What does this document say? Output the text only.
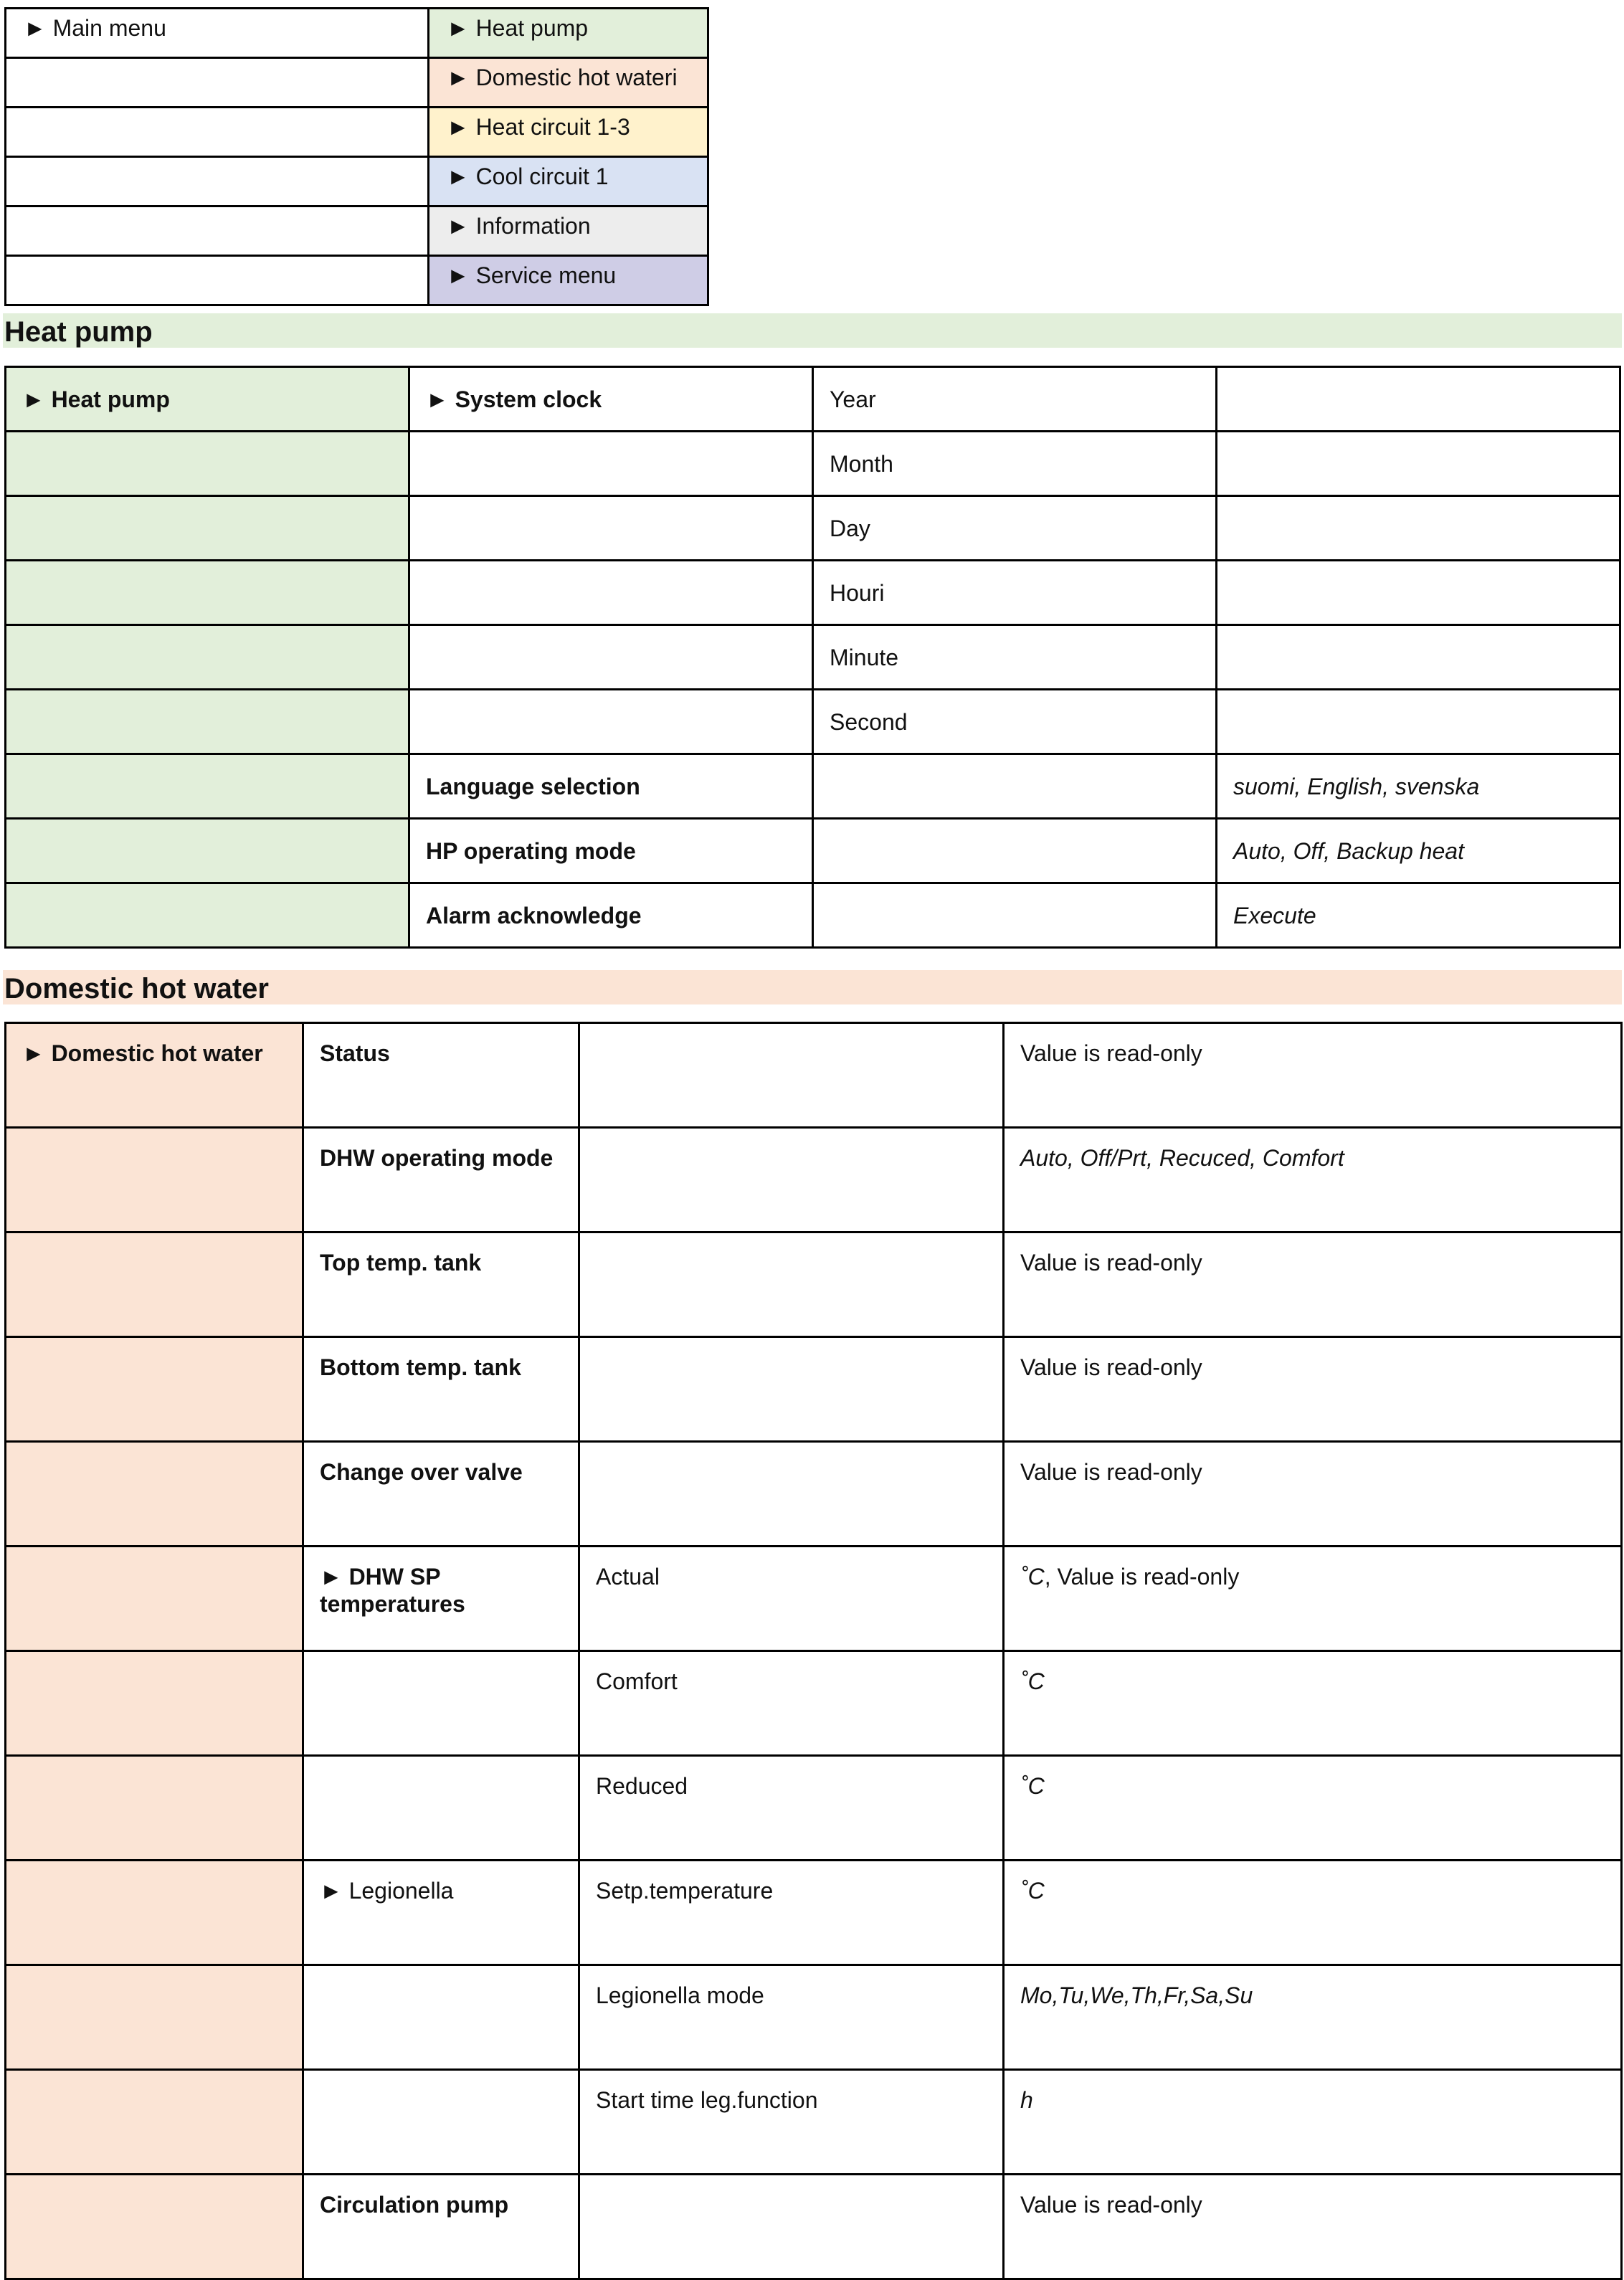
► Main menu	► Heat pump
	► Domestic hot wateri
	► Heat circuit 1-3
	► Cool circuit 1
	► Information
	► Service menu
Heat pump
► Heat pump	► System clock	Year	
		Month	
		Day	
		Houri	
		Minute	
		Second	
	Language selection		suomi, English, svenska
	HP operating mode		Auto, Off, Backup heat
	Alarm acknowledge		Execute
Domestic hot water
► Domestic hot water	Status		Value is read-only
	DHW operating mode		Auto, Off/Prt, Recuced, Comfort
	Top temp. tank		Value is read-only
	Bottom temp. tank		Value is read-only
	Change over valve		Value is read-only
	► DHW SP temperatures	Actual	˚C, Value is read-only
		Comfort	˚C
		Reduced	˚C
	► Legionella	Setp.temperature	˚C
		Legionella mode	Mo,Tu,We,Th,Fr,Sa,Su
		Start time leg.function	h
	Circulation pump		Value is read-only
